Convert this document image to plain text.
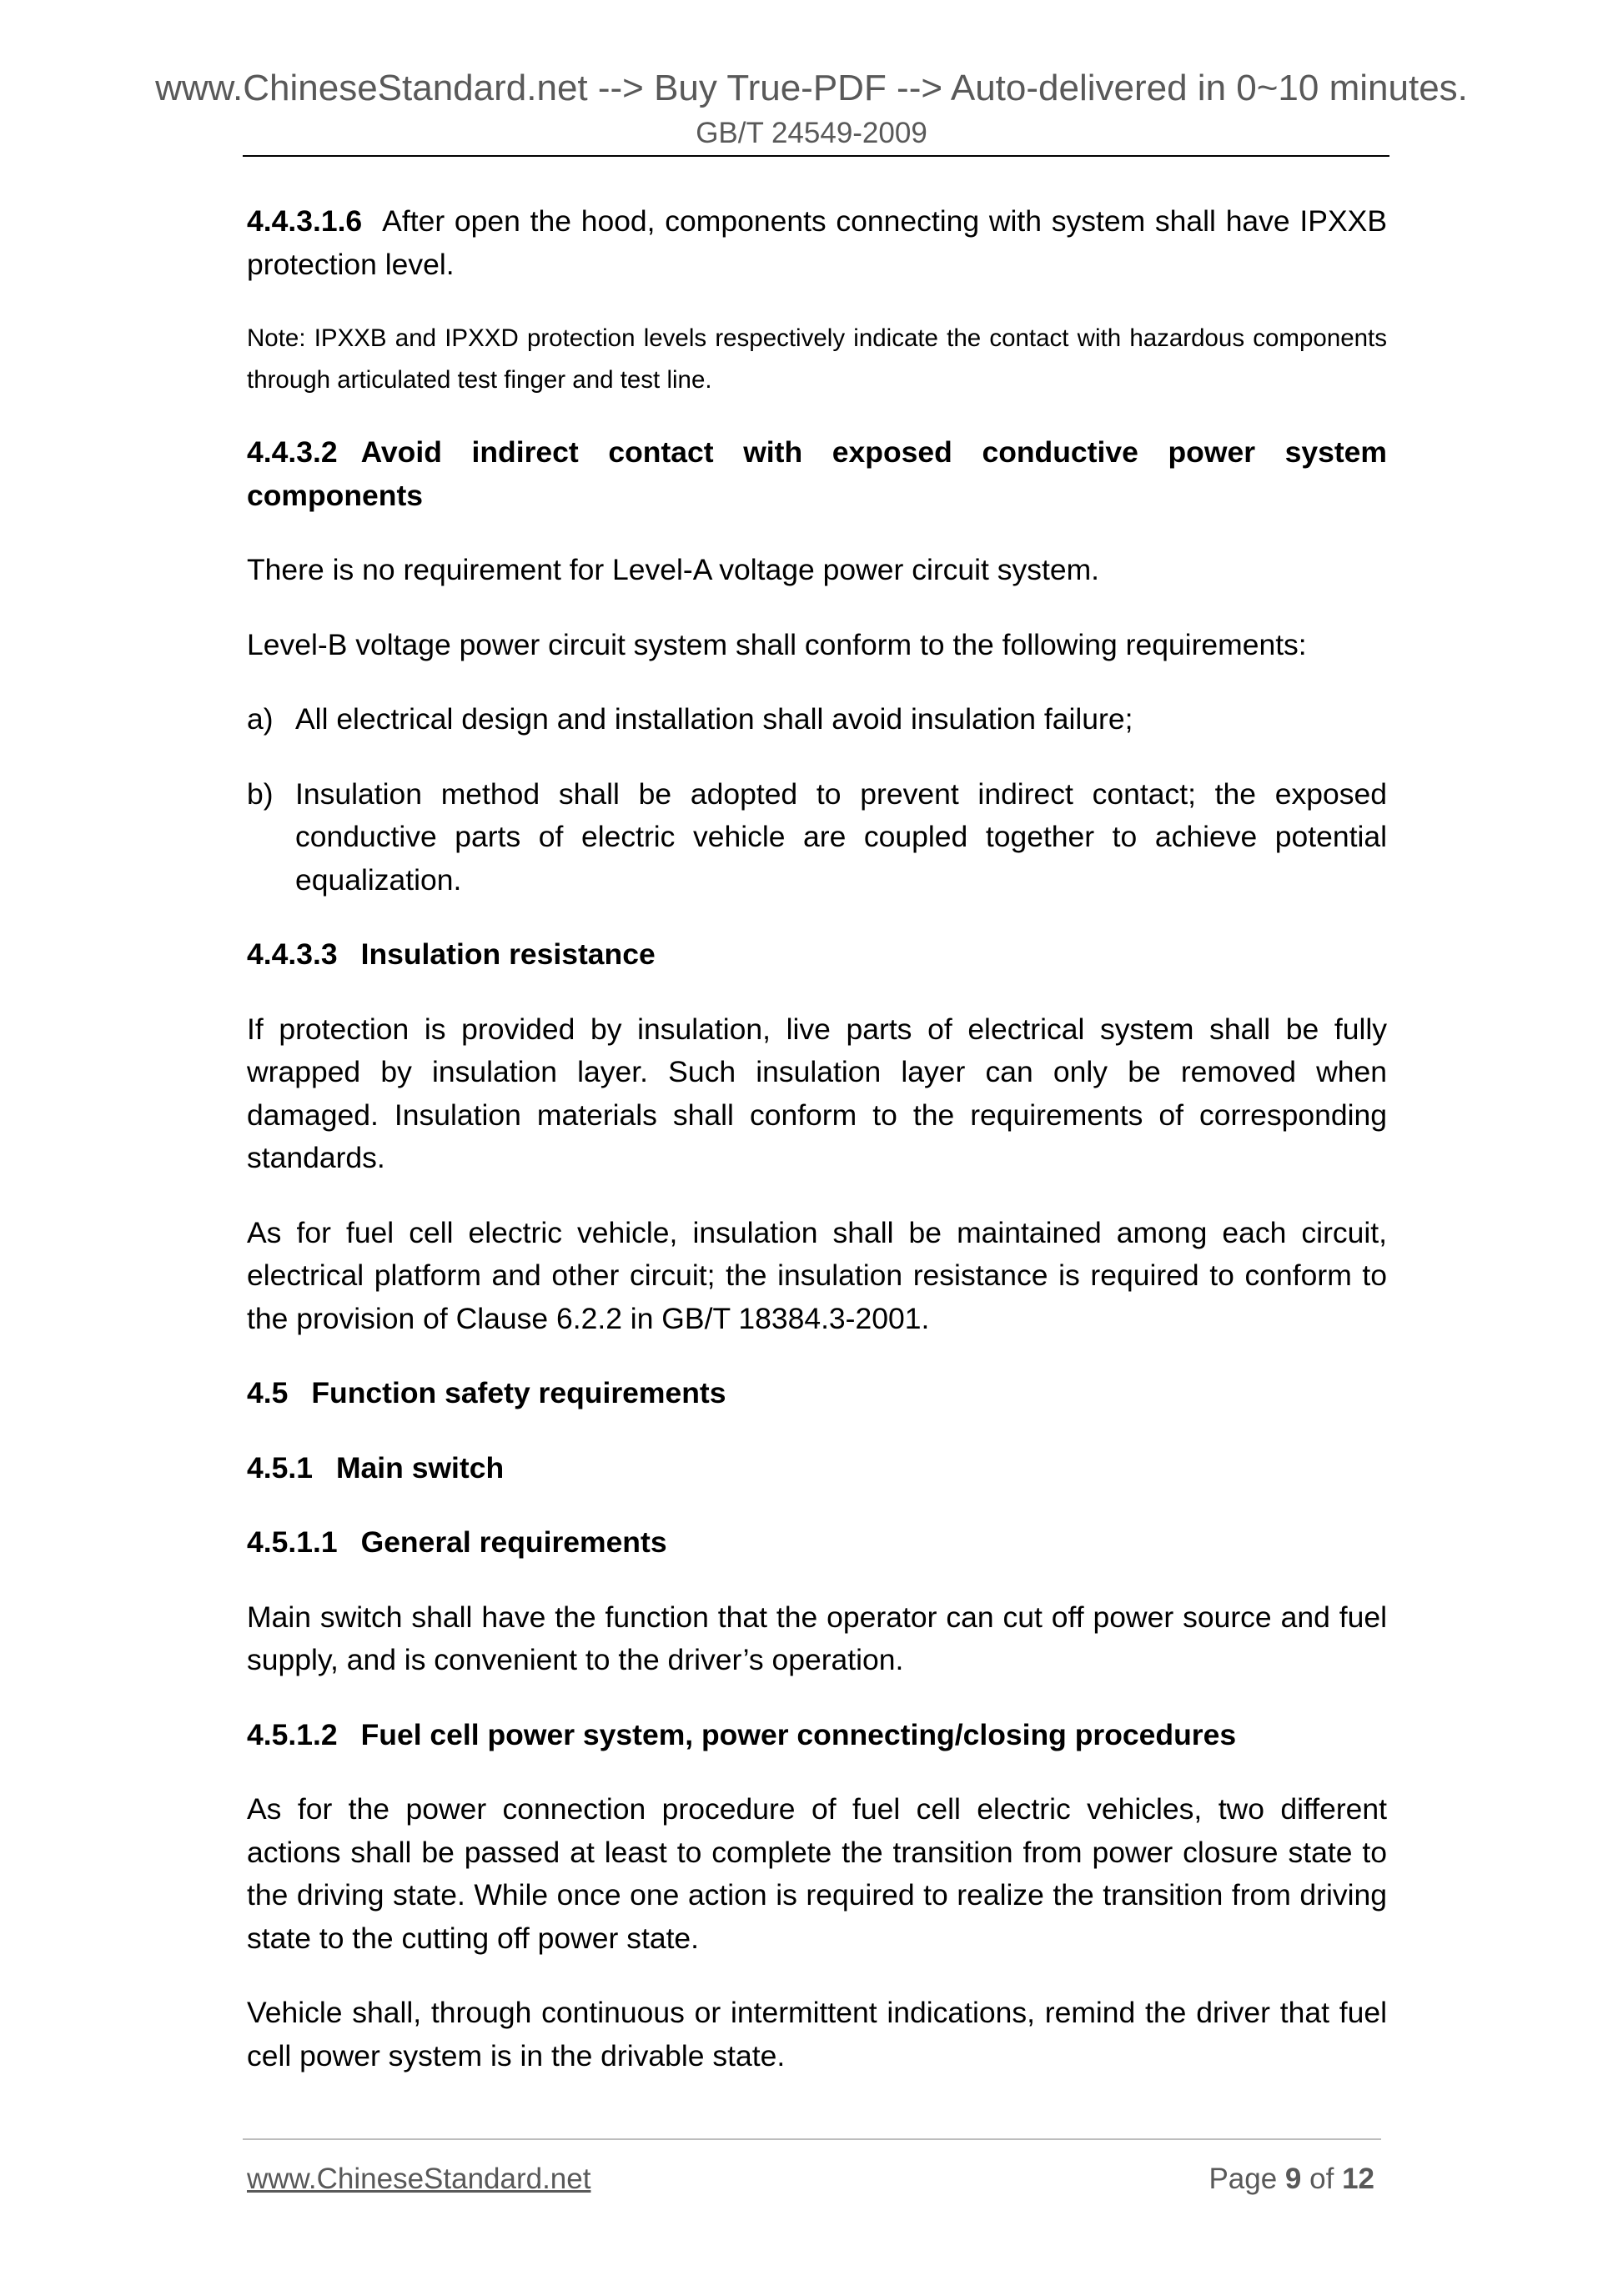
www.ChineseStandard.net --> Buy True-PDF --> Auto-delivered in 0~10 minutes.
GB/T 24549-2009

4.4.3.1.6 After open the hood, components connecting with system shall have IPXXB protection level.

Note: IPXXB and IPXXD protection levels respectively indicate the contact with hazardous components through articulated test finger and test line.

4.4.3.2 Avoid indirect contact with exposed conductive power system components

There is no requirement for Level-A voltage power circuit system.

Level-B voltage power circuit system shall conform to the following requirements:

a) All electrical design and installation shall avoid insulation failure;
b) Insulation method shall be adopted to prevent indirect contact; the exposed conductive parts of electric vehicle are coupled together to achieve potential equalization.
4.4.3.3 Insulation resistance

If protection is provided by insulation, live parts of electrical system shall be fully wrapped by insulation layer. Such insulation layer can only be removed when damaged. Insulation materials shall conform to the requirements of corresponding standards.

As for fuel cell electric vehicle, insulation shall be maintained among each circuit, electrical platform and other circuit; the insulation resistance is required to conform to the provision of Clause 6.2.2 in GB/T 18384.3-2001.

4.5 Function safety requirements
4.5.1 Main switch
4.5.1.1 General requirements

Main switch shall have the function that the operator can cut off power source and fuel supply, and is convenient to the driver’s operation.

4.5.1.2 Fuel cell power system, power connecting/closing procedures

As for the power connection procedure of fuel cell electric vehicles, two different actions shall be passed at least to complete the transition from power closure state to the driving state. While once one action is required to realize the transition from driving state to the cutting off power state.

Vehicle shall, through continuous or intermittent indications, remind the driver that fuel cell power system is in the drivable state.

www.ChineseStandard.net	Page 9 of 12
